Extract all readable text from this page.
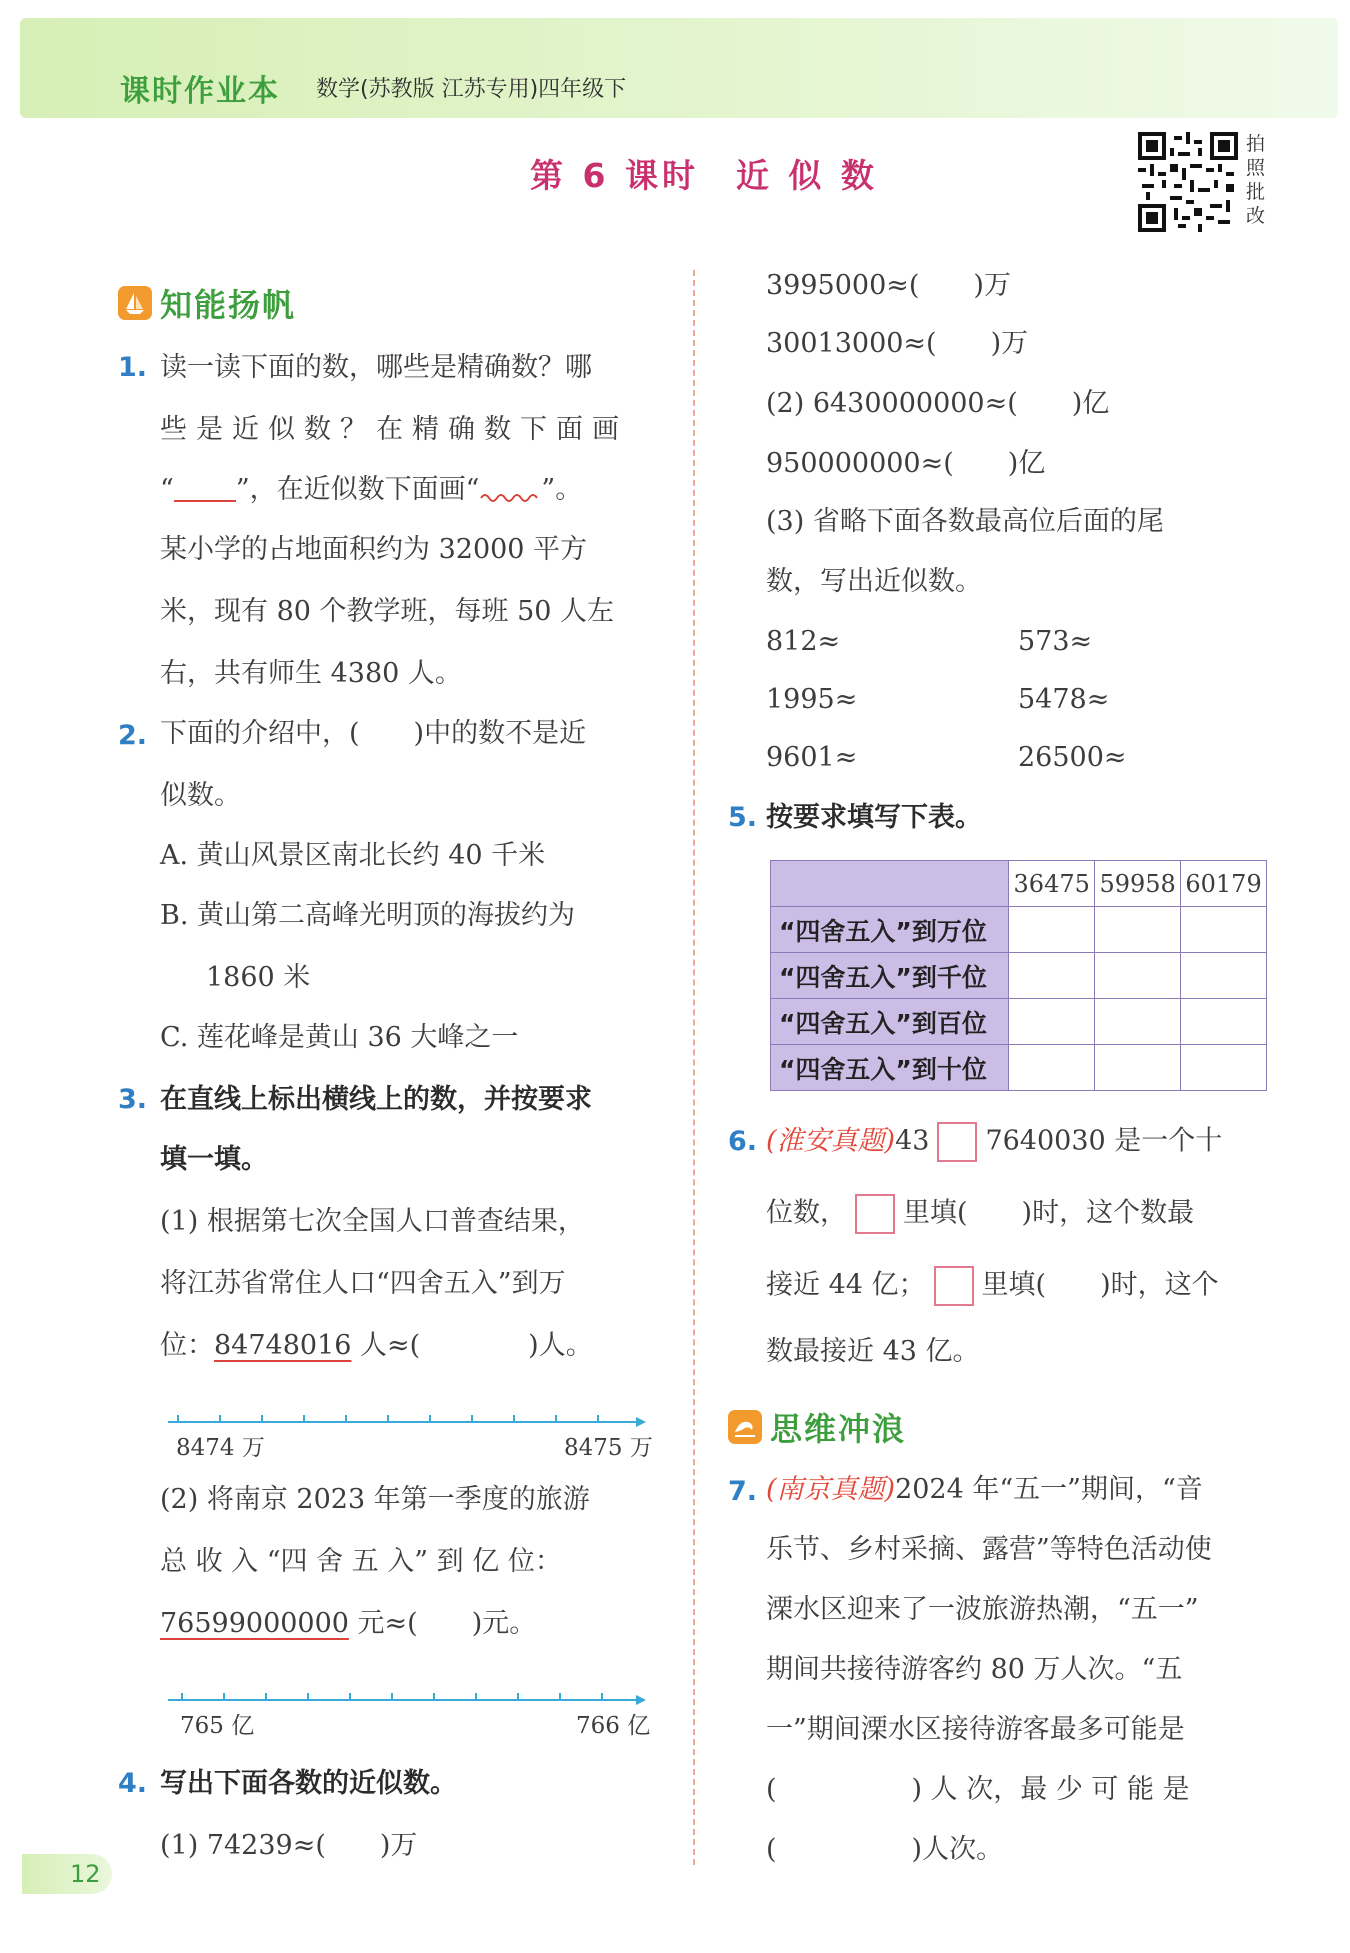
课时作业本 数学(苏教版 江苏专用)四年级下
第 6 课时　近 似 数
拍照批改
知能扬帆
1. 读一读下面的数，哪些是精确数？哪
些是近似数？在精确数下面画
“ ”，在近似数下面画“ ”。
某小学的占地面积约为 32000 平方
米，现有 80 个教学班，每班 50 人左
右，共有师生 4380 人。
2. 下面的介绍中，(　　)中的数不是近
似数。
A. 黄山风景区南北长约 40 千米
B. 黄山第二高峰光明顶的海拔约为
1860 米
C. 莲花峰是黄山 36 大峰之一
3. 在直线上标出横线上的数，并按要求
填一填。
(1) 根据第七次全国人口普查结果，
将江苏省常住人口“四舍五入”到万
位：84748016 人≈(　　　　)人。
8474 万	8475 万
(2) 将南京 2023 年第一季度的旅游
总 收 入 “四 舍 五 入” 到 亿 位：
76599000000 元≈(　　)元。
765 亿	766 亿
4. 写出下面各数的近似数。
(1) 74239≈(　　)万
3995000≈(　　)万
30013000≈(　　)万
(2) 6430000000≈(　　)亿
950000000≈(　　)亿
(3) 省略下面各数最高位后面的尾
数，写出近似数。
812≈	573≈
1995≈	5478≈
9601≈	26500≈
5. 按要求填写下表。
	36475	59958	60179
“四舍五入”到万位			
“四舍五入”到千位			
“四舍五入”到百位			
“四舍五入”到十位			
6. (淮安真题)43 7640030 是一个十
位数， 里填(　　)时，这个数最
接近 44 亿； 里填(　　)时，这个
数最接近 43 亿。
思维冲浪
7. (南京真题)2024 年“五一”期间，“音
乐节、乡村采摘、露营”等特色活动使
溧水区迎来了一波旅游热潮，“五一”
期间共接待游客约 80 万人次。“五
一”期间溧水区接待游客最多可能是
(　　　　　) 人 次，最 少 可 能 是
(　　　　　)人次。
12
